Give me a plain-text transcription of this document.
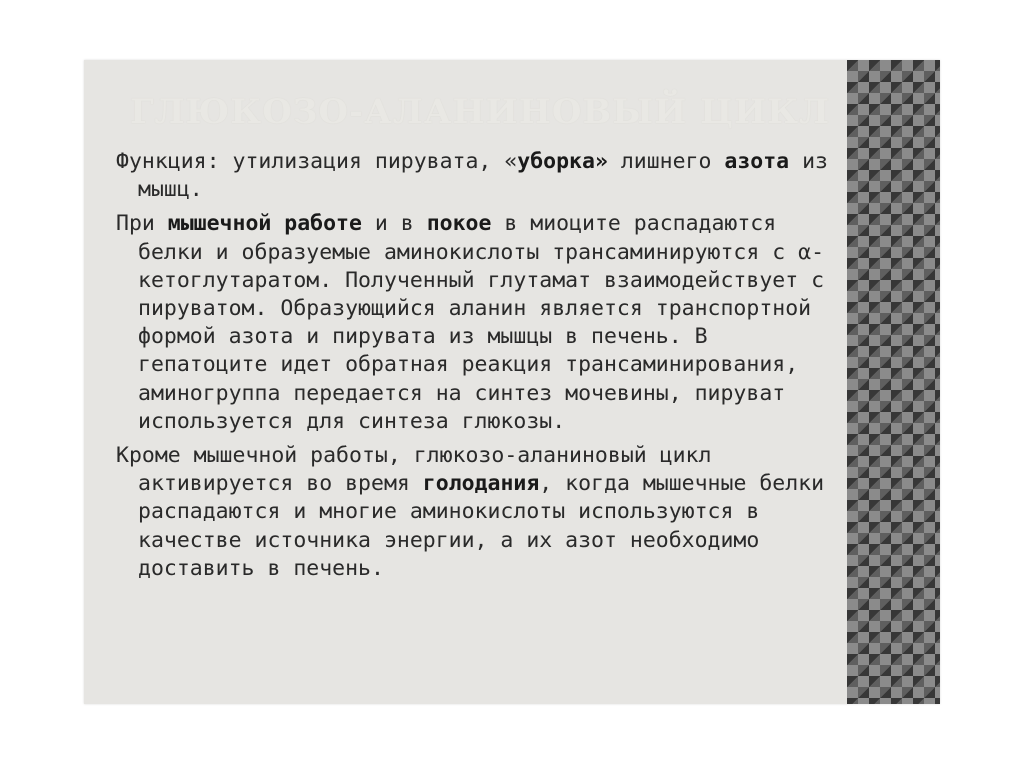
ГЛЮКОЗО-АЛАНИНОВЫЙ ЦИКЛ

Функция: утилизация пирувата, «уборка» лишнего азота из мышц.

При мышечной работе и в покое в миоците распадаются белки и образуемые аминокислоты трансаминируются с α-кетоглутаратом. Полученный глутамат взаимодействует с пируватом. Образующийся аланин является транспортной формой азота и пирувата из мышцы в печень. В гепатоците идет обратная реакция трансаминирования, аминогруппа передается на синтез мочевины, пируват используется для синтеза глюкозы.

Кроме мышечной работы, глюкозо-аланиновый цикл активируется во время голодания, когда мышечные белки распадаются и многие аминокислоты используются в качестве источника энергии, а их азот необходимо доставить в печень.
